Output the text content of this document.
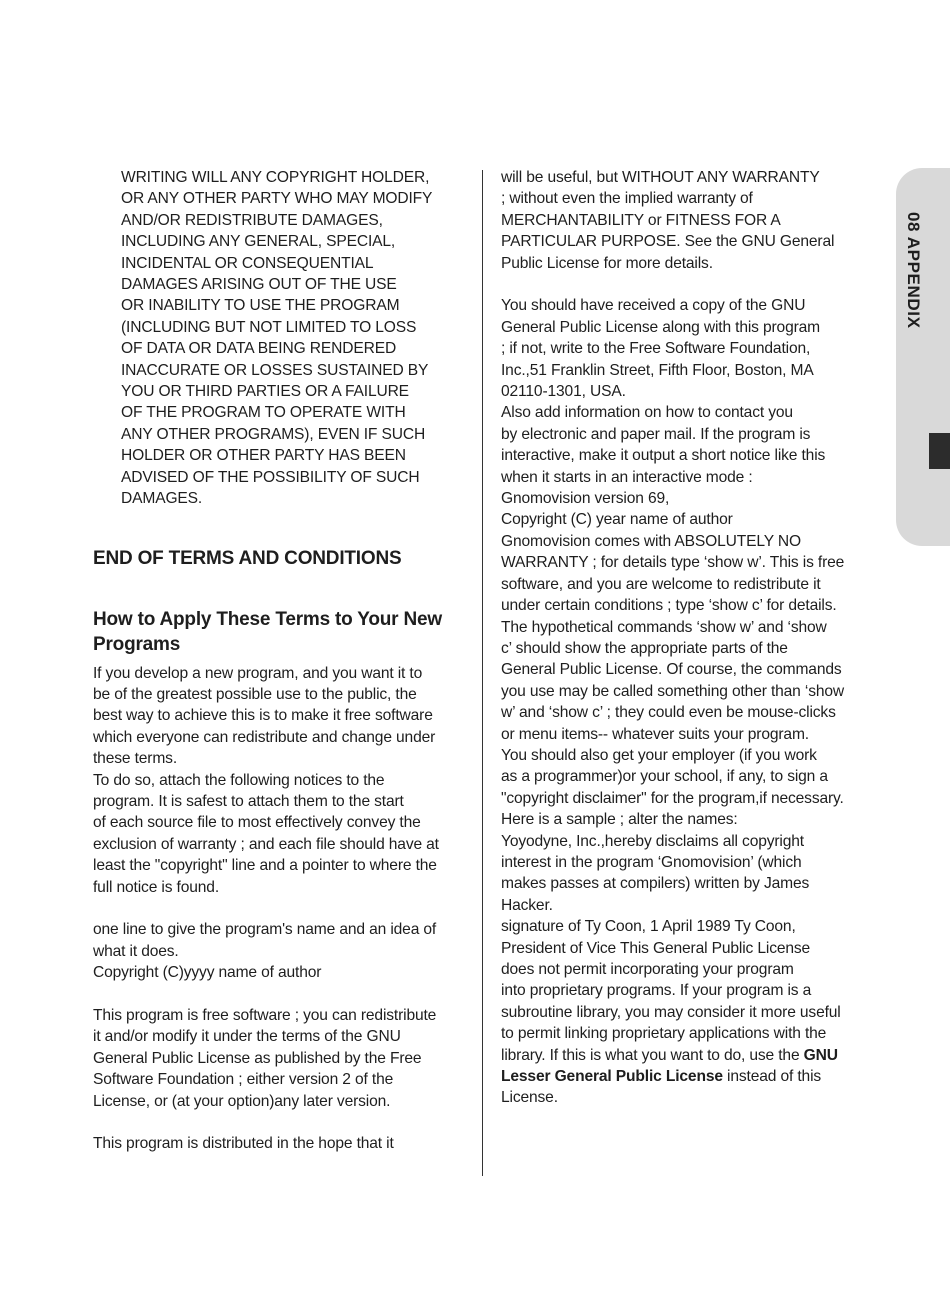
WRITING WILL ANY COPYRIGHT HOLDER,
OR ANY OTHER PARTY WHO MAY MODIFY
AND/OR REDISTRIBUTE DAMAGES,
INCLUDING ANY GENERAL, SPECIAL,
INCIDENTAL OR CONSEQUENTIAL
DAMAGES ARISING OUT OF THE USE
OR INABILITY TO USE THE PROGRAM
(INCLUDING BUT NOT LIMITED TO LOSS
OF DATA OR DATA BEING RENDERED
INACCURATE OR LOSSES SUSTAINED BY
YOU OR THIRD PARTIES OR A FAILURE
OF THE PROGRAM TO OPERATE WITH
ANY OTHER PROGRAMS), EVEN IF SUCH
HOLDER OR OTHER PARTY HAS BEEN
ADVISED OF THE POSSIBILITY OF SUCH
DAMAGES.

END OF TERMS AND CONDITIONS

How to Apply These Terms to Your New
Programs

If you develop a new program, and you want it to
be of the greatest possible use to the public, the
best way to achieve this is to make it free software
which everyone can redistribute and change under
these terms.
To do so, attach the following notices to the
program. It is safest to attach them to the start
of each source file to most effectively convey the
exclusion of warranty ; and each file should have at
least the "copyright" line and a pointer to where the
full notice is found.

one line to give the program's name and an idea of
what it does.
Copyright (C)yyyy name of author

This program is free software ; you can redistribute
it and/or modify it under the terms of the GNU
General Public License as published by the Free
Software Foundation ; either version 2 of the
License, or (at your option)any later version.

This program is distributed in the hope that it

will be useful, but WITHOUT ANY WARRANTY
; without even the implied warranty of
MERCHANTABILITY or FITNESS FOR A
PARTICULAR PURPOSE. See the GNU General
Public License for more details.

You should have received a copy of the GNU
General Public License along with this program
; if not, write to the Free Software Foundation,
Inc.,51 Franklin Street, Fifth Floor, Boston, MA
02110-1301, USA.
Also add information on how to contact you
by electronic and paper mail. If the program is
interactive, make it output a short notice like this
when it starts in an interactive mode :
Gnomovision version 69,
Copyright (C) year name of author
Gnomovision comes with ABSOLUTELY NO
WARRANTY ; for details type ‘show w’. This is free
software, and you are welcome to redistribute it
under certain conditions ; type ‘show c’ for details.
The hypothetical commands ‘show w’ and ‘show
c’ should show the appropriate parts of the
General Public License. Of course, the commands
you use may be called something other than ‘show
w’ and ‘show c’ ; they could even be mouse-clicks
or menu items-- whatever suits your program.
You should also get your employer (if you work
as a programmer)or your school, if any, to sign a
"copyright disclaimer" for the program,if necessary.
Here is a sample ; alter the names:
Yoyodyne, Inc.,hereby disclaims all copyright
interest in the program ‘Gnomovision’ (which
makes passes at compilers) written by James
Hacker.
signature of Ty Coon, 1 April 1989 Ty Coon,
President of Vice This General Public License
does not permit incorporating your program
into proprietary programs. If your program is a
subroutine library, you may consider it more useful
to permit linking proprietary applications with the
library. If this is what you want to do, use the GNU
Lesser General Public License instead of this
License.

08 APPENDIX
